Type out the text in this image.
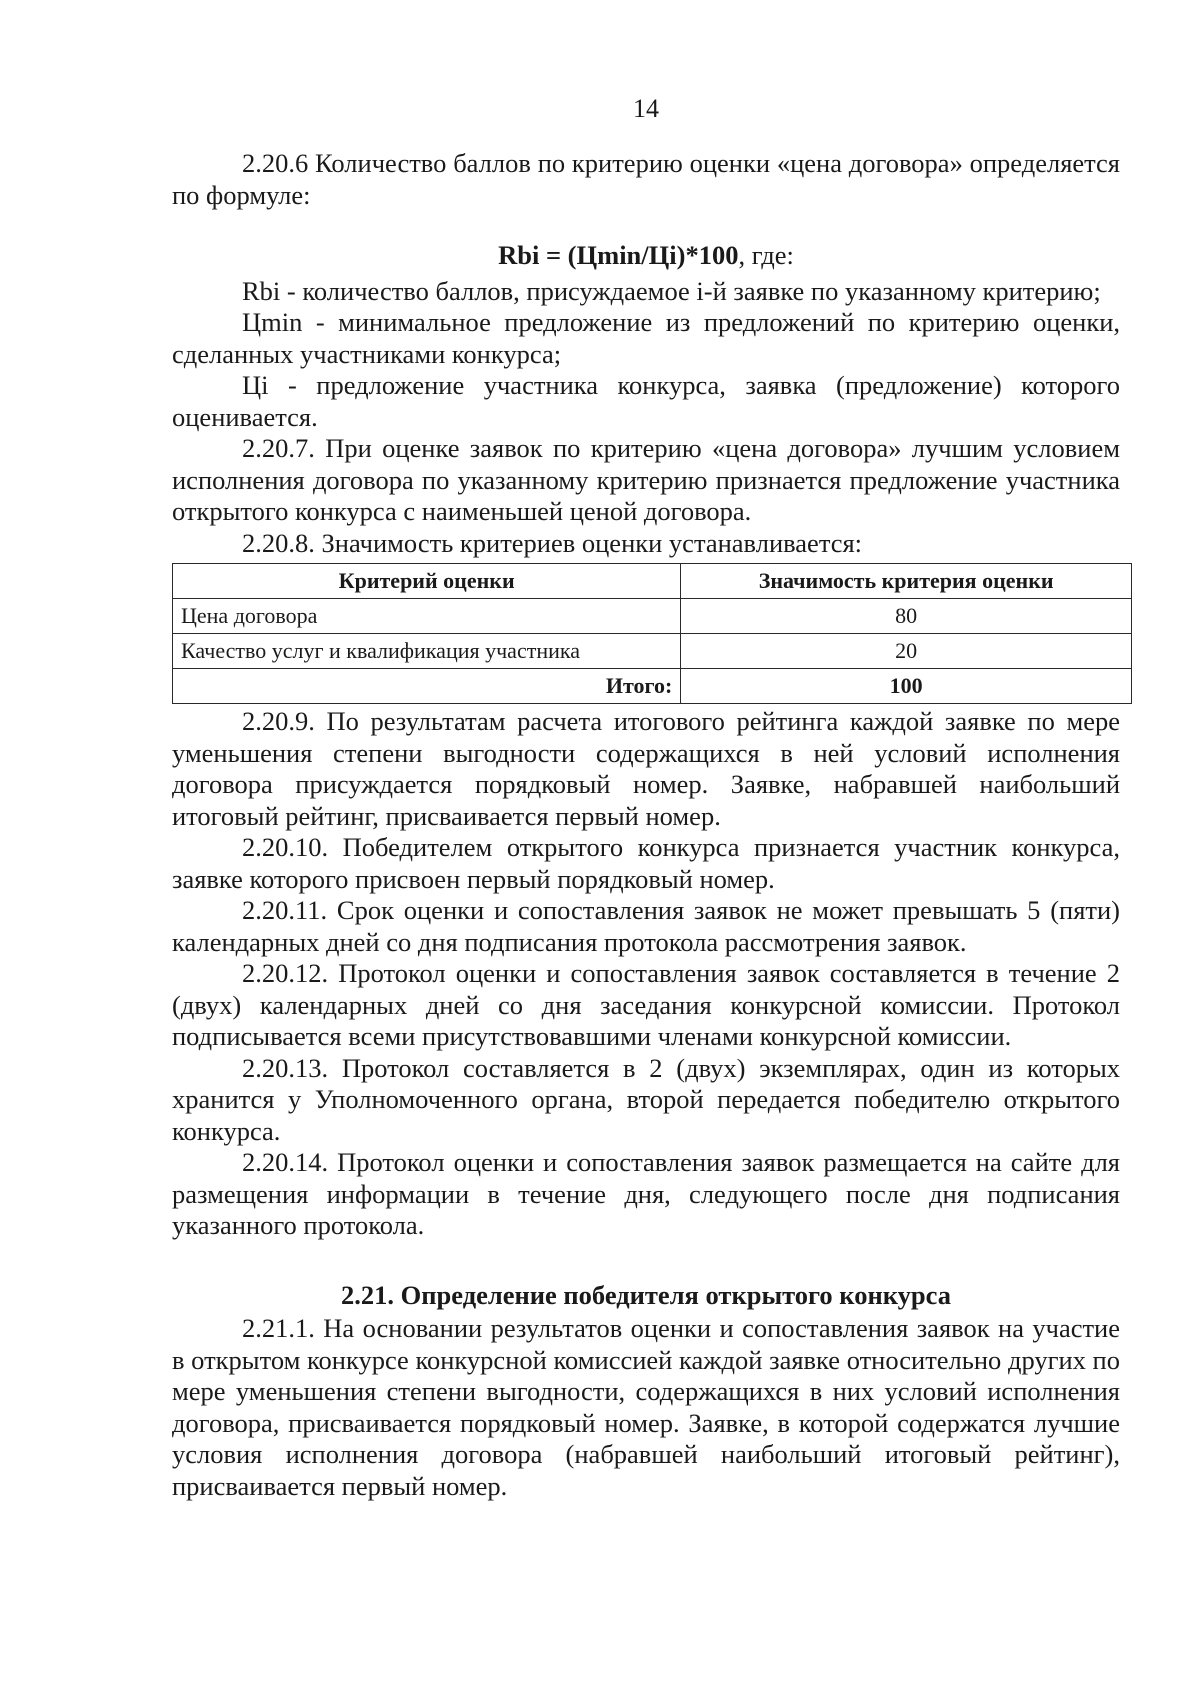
14

2.20.6 Количество баллов по критерию оценки «цена договора» определяется по формуле:

Rbi = (Цmin/Цi)*100, где:

Rbi - количество баллов, присуждаемое i-й заявке по указанному критерию;

Цmin - минимальное предложение из предложений по критерию оценки, сделанных участниками конкурса;

Цi - предложение участника конкурса, заявка (предложение) которого оценивается.

2.20.7. При оценке заявок по критерию «цена договора» лучшим условием исполнения договора по указанному критерию признается предложение участника открытого конкурса с наименьшей ценой договора.

2.20.8. Значимость критериев оценки устанавливается:

Критерий оценки	Значимость критерия оценки
Цена договора	80
Качество услуг и квалификация участника	20
Итого:	100

2.20.9. По результатам расчета итогового рейтинга каждой заявке по мере уменьшения степени выгодности содержащихся в ней условий исполнения договора присуждается порядковый номер. Заявке, набравшей наибольший итоговый рейтинг, присваивается первый номер.

2.20.10. Победителем открытого конкурса признается участник конкурса, заявке которого присвоен первый порядковый номер.

2.20.11. Срок оценки и сопоставления заявок не может превышать 5 (пяти) календарных дней со дня подписания протокола рассмотрения заявок.

2.20.12. Протокол оценки и сопоставления заявок составляется в течение 2 (двух) календарных дней со дня заседания конкурсной комиссии. Протокол подписывается всеми присутствовавшими членами конкурсной комиссии.

2.20.13. Протокол составляется в 2 (двух) экземплярах, один из которых хранится у Уполномоченного органа, второй передается победителю открытого конкурса.

2.20.14. Протокол оценки и сопоставления заявок размещается на сайте для размещения информации в течение дня, следующего после дня подписания указанного протокола.

2.21. Определение победителя открытого конкурса

2.21.1. На основании результатов оценки и сопоставления заявок на участие в открытом конкурсе конкурсной комиссией каждой заявке относительно других по мере уменьшения степени выгодности, содержащихся в них условий исполнения договора, присваивается порядковый номер. Заявке, в которой содержатся лучшие условия исполнения договора (набравшей наибольший итоговый рейтинг), присваивается первый номер.
